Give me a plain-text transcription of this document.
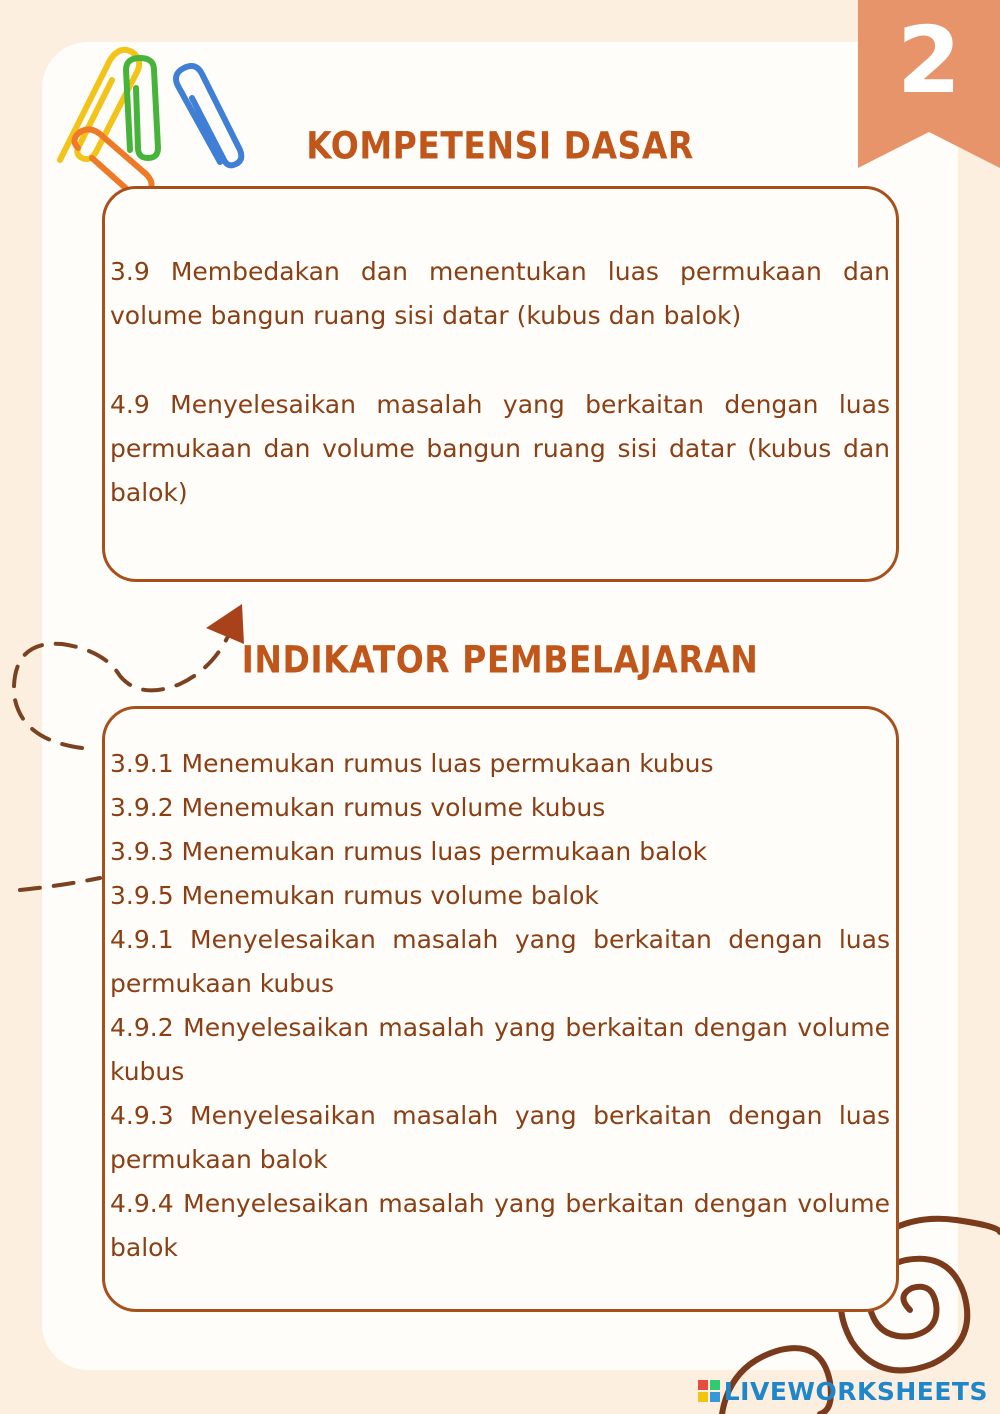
2
KOMPETENSI DASAR
3.9 Membedakan dan menentukan luas permukaan dan volume bangun ruang sisi datar (kubus dan balok)
4.9 Menyelesaikan masalah yang berkaitan dengan luas permukaan dan volume bangun ruang sisi datar (kubus dan balok)
INDIKATOR PEMBELAJARAN
3.9.1 Menemukan rumus luas permukaan kubus
3.9.2 Menemukan rumus volume kubus
3.9.3 Menemukan rumus luas permukaan balok
3.9.5 Menemukan rumus volume balok
4.9.1 Menyelesaikan masalah yang berkaitan dengan luas permukaan kubus
4.9.2 Menyelesaikan masalah yang berkaitan dengan volume kubus
4.9.3 Menyelesaikan masalah yang berkaitan dengan luas permukaan balok
4.9.4 Menyelesaikan masalah yang berkaitan dengan volume balok
LIVEWORKSHEETS
